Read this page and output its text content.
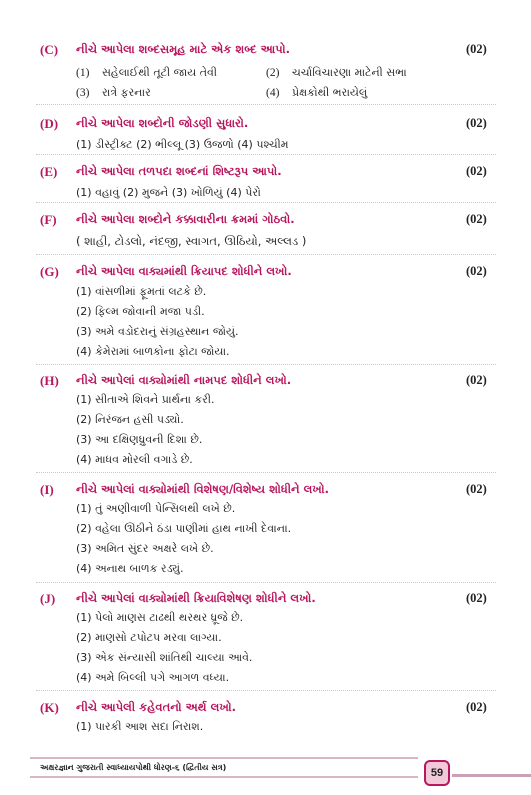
(C) નીચે આપેલા શબ્દસમૂહ માટે એક શબ્દ આપો.	(02)
(1) સહેલાઈથી તૂટી જાય તેવી	(2) ચર્ચાવિચારણા માટેની સભા
(3) રાત્રે ફરનાર	(4) પ્રેક્ષકોથી ભરાયેલું
(D) નીચે આપેલા શબ્દોની જોડણી સુધારો.	(02)
(1) ડીસ્ટ્રીક્ટ (2) ભીલ્લૂ (3) ઉજળો (4) પશ્ચીમ
(E) નીચે આપેલા તળપદા શબ્દનાં શિષ્ટરૂપ આપો.	(02)
(1) વહાવું (2) મુજને (3) ખોળિયું (4) પેરો
(F) નીચે આપેલા શબ્દોને કક્કાવારીના ક્રમમાં ગોઠવો.	(02)
( શાહી, ટોડલો, નંદજી, સ્વાગત, ઊઠિયો, અલ્લડ )
(G) નીચે આપેલા વાક્યમાંથી ક્રિયાપદ શોધીને લખો.	(02)
(1) વાંસળીમાં ફૂમતાં લટકે છે.
(2) ફિલ્મ જોવાની મજા પડી.
(3) અમે વડોદરાનું સંગ્રહસ્થાન જોયું.
(4) કેમેરામાં બાળકોના ફોટા જોયા.
(H) નીચે આપેલાં વાક્યોમાંથી નામપદ શોધીને લખો.	(02)
(1) સીતાએ શિવને પ્રાર્થના કરી.
(2) નિરંજન હસી પડ્યો.
(3) આ દક્ષિણધ્રુવની દિશા છે.
(4) માધવ મોરલી વગાડે છે.
(I) નીચે આપેલાં વાક્યોમાંથી વિશેષણ/વિશેષ્ય શોધીને લખો.	(02)
(1) તું અણીવાળી પેન્સિલથી લખે છે.
(2) વહેલા ઊઠીને ઠંડા પાણીમાં હાથ નાખી દેવાના.
(3) અમિત સુંદર અક્ષરે લખે છે.
(4) અનાથ બાળક રડ્યું.
(J) નીચે આપેલાં વાક્યોમાંથી ક્રિયાવિશેષણ શોધીને લખો.	(02)
(1) પેલો માણસ ટાઢથી થરથર ધ્રૂજે છે.
(2) માણસો ટપોટપ મરવા લાગ્યા.
(3) એક સંન્યાસી શાંતિથી ચાલ્યા આવે.
(4) અમે બિલ્લી પગે આગળ વધ્યા.
(K) નીચે આપેલી કહેવતનો અર્થ લખો.	(02)
(1) પારકી આશ સદા નિરાશ.
અક્ષરજ્ઞાન ગુજરાતી સ્વાધ્યાયપોથી ધોરણ-૬ (દ્વિતીય સત્ર)	59
